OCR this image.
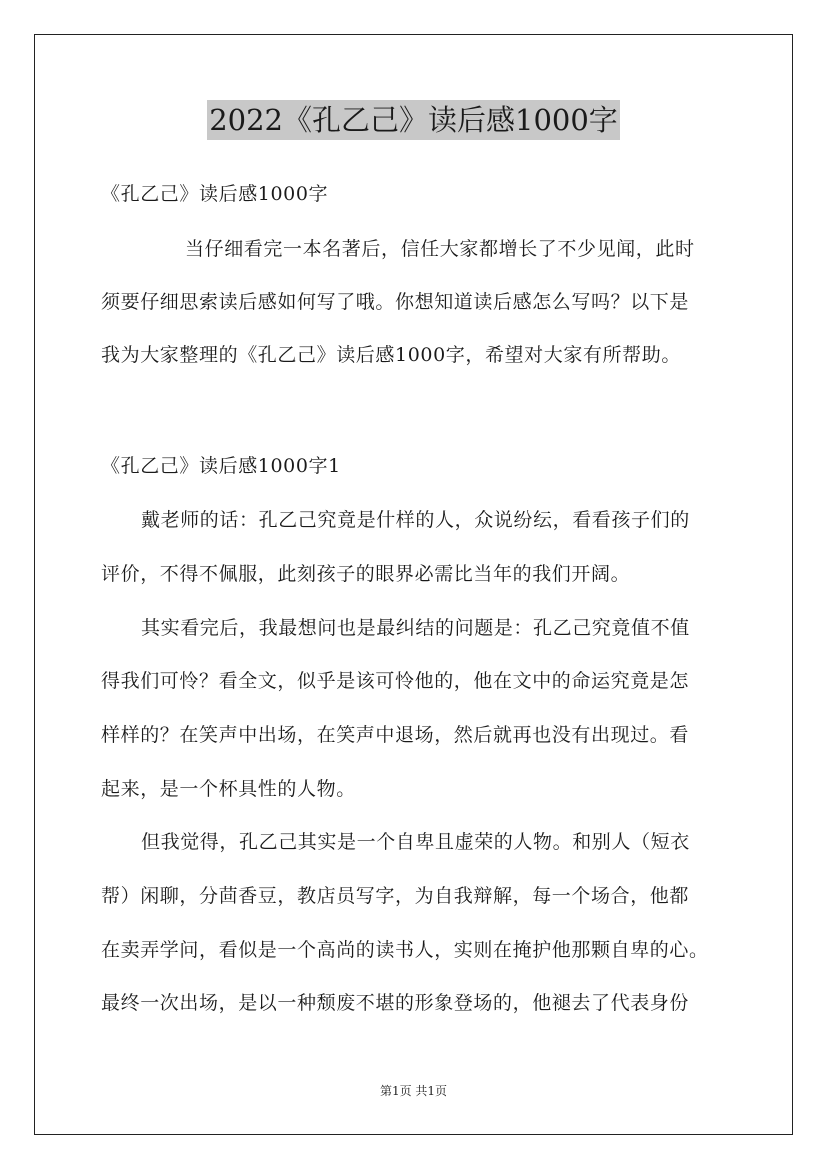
2022《孔乙己》读后感1000字
《孔乙己》读后感1000字
当仔细看完一本名著后，信任大家都增长了不少见闻，此时
须要仔细思索读后感如何写了哦。你想知道读后感怎么写吗？以下是
我为大家整理的《孔乙己》读后感1000字，希望对大家有所帮助。
《孔乙己》读后感1000字1
戴老师的话：孔乙己究竟是什样的人，众说纷纭，看看孩子们的
评价，不得不佩服，此刻孩子的眼界必需比当年的我们开阔。
其实看完后，我最想问也是最纠结的问题是：孔乙己究竟值不值
得我们可怜？看全文，似乎是该可怜他的，他在文中的命运究竟是怎
样样的？在笑声中出场，在笑声中退场，然后就再也没有出现过。看
起来，是一个杯具性的人物。
但我觉得，孔乙己其实是一个自卑且虚荣的人物。和别人（短衣
帮）闲聊，分茴香豆，教店员写字，为自我辩解，每一个场合，他都
在卖弄学问，看似是一个高尚的读书人，实则在掩护他那颗自卑的心。
最终一次出场，是以一种颓废不堪的形象登场的，他褪去了代表身份
第1页 共1页
